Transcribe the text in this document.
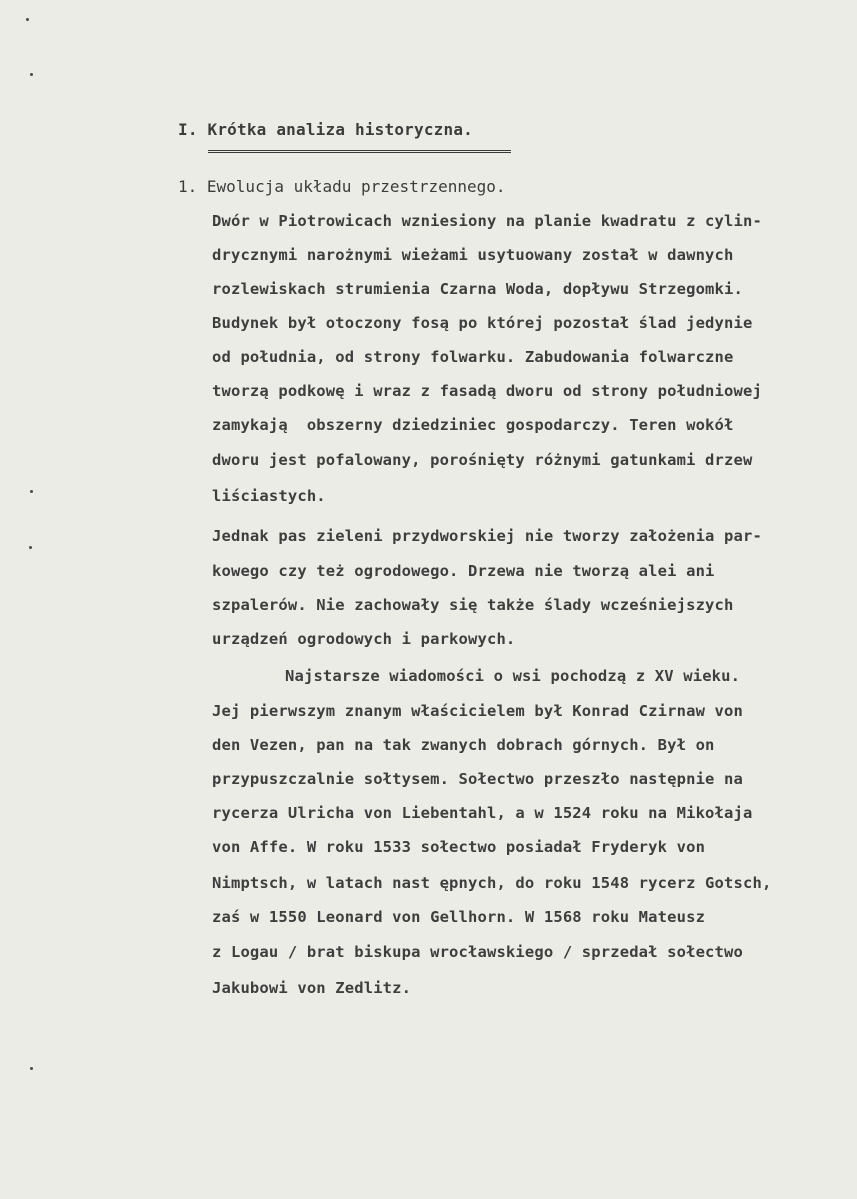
I. Krótka analiza historyczna.
1. Ewolucja układu przestrzennego.
Dwór w Piotrowicach wzniesiony na planie kwadratu z cylin-
drycznymi narożnymi wieżami usytuowany został w dawnych
rozlewiskach strumienia Czarna Woda, dopływu Strzegomki.
Budynek był otoczony fosą po której pozostał ślad jedynie
od południa, od strony folwarku. Zabudowania folwarczne
tworzą podkowę i wraz z fasadą dworu od strony południowej
zamykają  obszerny dziedziniec gospodarczy. Teren wokół
dworu jest pofalowany, porośnięty różnymi gatunkami drzew
liściastych.
Jednak pas zieleni przydworskiej nie tworzy założenia par-
kowego czy też ogrodowego. Drzewa nie tworzą alei ani
szpalerów. Nie zachowały się także ślady wcześniejszych
urządzeń ogrodowych i parkowych.
Najstarsze wiadomości o wsi pochodzą z XV wieku.
Jej pierwszym znanym właścicielem był Konrad Czirnaw von
den Vezen, pan na tak zwanych dobrach górnych. Był on
przypuszczalnie sołtysem. Sołectwo przeszło następnie na
rycerza Ulricha von Liebentahl, a w 1524 roku na Mikołaja
von Affe. W roku 1533 sołectwo posiadał Fryderyk von
Nimptsch, w latach nast ępnych, do roku 1548 rycerz Gotsch,
zaś w 1550 Leonard von Gellhorn. W 1568 roku Mateusz
z Logau / brat biskupa wrocławskiego / sprzedał sołectwo
Jakubowi von Zedlitz.
